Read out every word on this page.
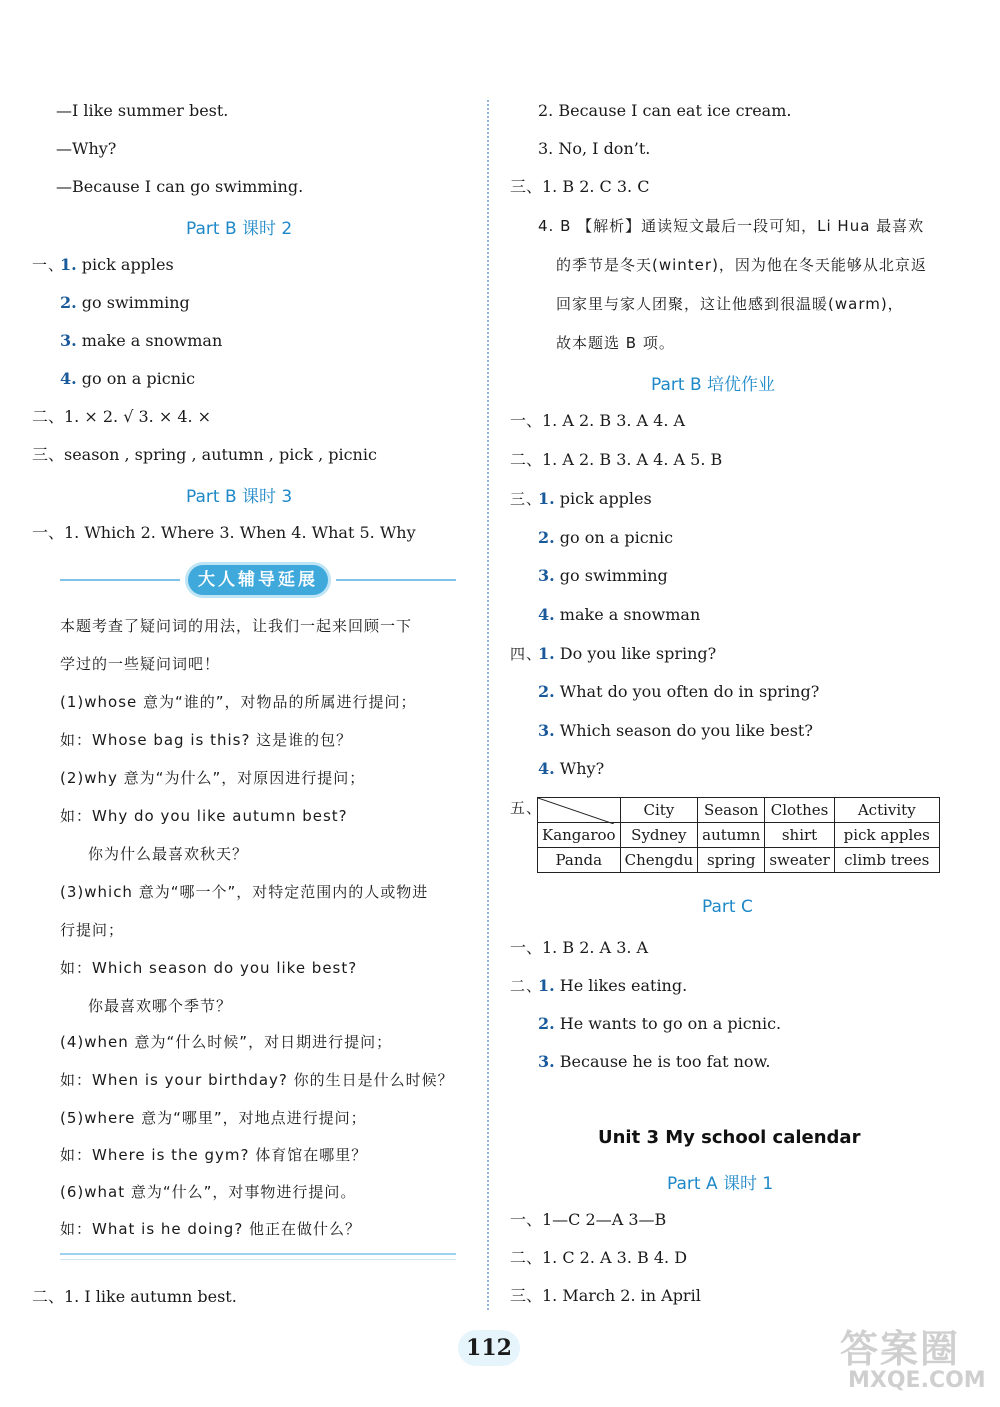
—I like summer best.
—Why?
—Because I can go swimming.
Part B 课时 2
一、
1. pick apples
2. go swimming
3. make a snowman
4. go on a picnic
二、1. × 2. √ 3. × 4. ×
三、season , spring , autumn , pick , picnic
Part B 课时 3
一、1. Which 2. Where 3. When 4. What 5. Why
大人辅导延展
本题考查了疑问词的用法，让我们一起来回顾一下
学过的一些疑问词吧！
(1)whose 意为“谁的”，对物品的所属进行提问；
如：Whose bag is this? 这是谁的包？
(2)why 意为“为什么”，对原因进行提问；
如：Why do you like autumn best?
你为什么最喜欢秋天？
(3)which 意为“哪一个”，对特定范围内的人或物进
行提问；
如：Which season do you like best?
你最喜欢哪个季节？
(4)when 意为“什么时候”，对日期进行提问；
如：When is your birthday? 你的生日是什么时候？
(5)where 意为“哪里”，对地点进行提问；
如：Where is the gym? 体育馆在哪里？
(6)what 意为“什么”，对事物进行提问。
如：What is he doing? 他正在做什么？
二、1. I like autumn best.
2. Because I can eat ice cream.
3. No, I don’t.
三、1. B 2. C 3. C
4. B 【解析】通读短文最后一段可知，Li Hua 最喜欢
的季节是冬天(winter)，因为他在冬天能够从北京返
回家里与家人团聚，这让他感到很温暖(warm)，
故本题选 B 项。
Part B 培优作业
一、1. A 2. B 3. A 4. A
二、1. A 2. B 3. A 4. A 5. B
三、
1. pick apples
2. go on a picnic
3. go swimming
4. make a snowman
四、
1. Do you like spring?
2. What do you often do in spring?
3. Which season do you like best?
4. Why?
五、
		City	Season	Clothes	Activity
Kangaroo	Sydney	autumn	shirt	pick apples
Panda	Chengdu	spring	sweater	climb trees
Part C
一、1. B 2. A 3. A
二、
1. He likes eating.
2. He wants to go on a picnic.
3. Because he is too fat now.
Unit 3 My school calendar
Part A 课时 1
一、1—C 2—A 3—B
二、1. C 2. A 3. B 4. D
三、1. March 2. in April
112	答案圈
MXQE.COM
